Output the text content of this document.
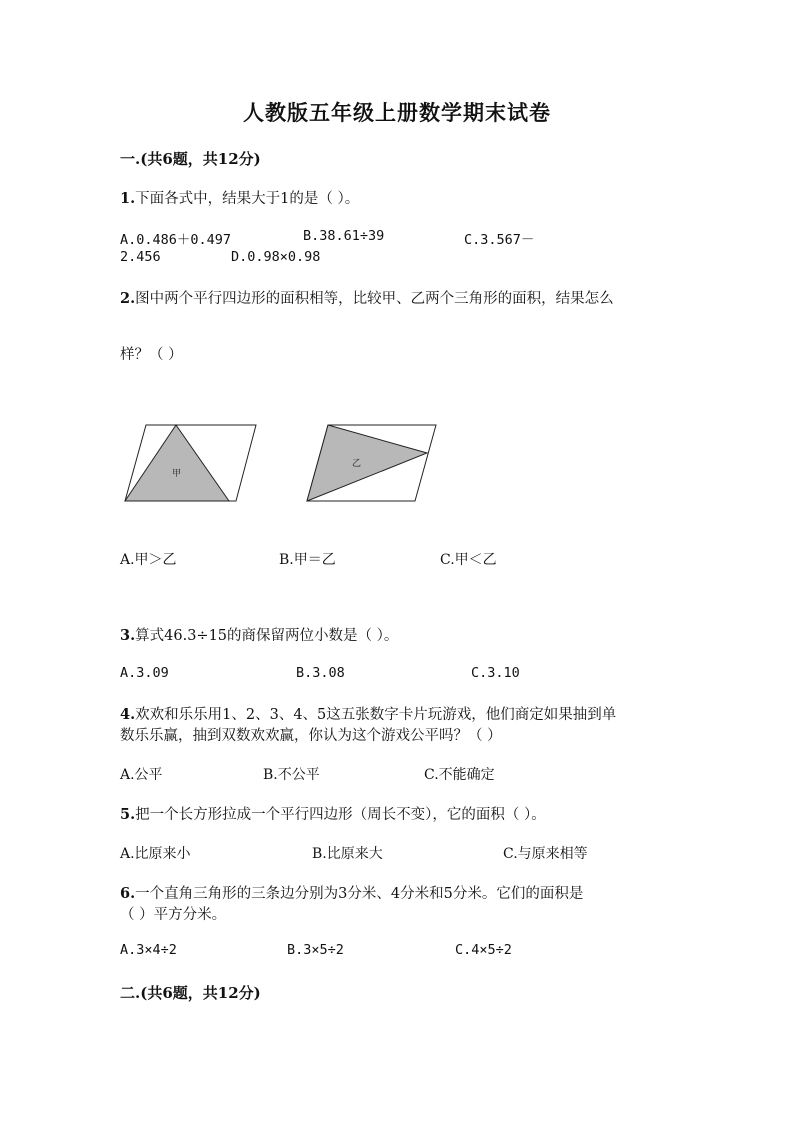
人教版五年级上册数学期末试卷
一.(共6题，共12分)
1.下面各式中，结果大于1的是（ ）。
A.0.486＋0.497	B.38.61÷39	C.3.567－
2.456	D.0.98×0.98
2.图中两个平行四边形的面积相等，比较甲、乙两个三角形的面积，结果怎么
样？（ ）
甲
乙
A.甲＞乙	B.甲＝乙	C.甲＜乙
3.算式46.3÷15的商保留两位小数是（ ）。
A.3.09	B.3.08	C.3.10
4.欢欢和乐乐用1、2、3、4、5这五张数字卡片玩游戏，他们商定如果抽到单
数乐乐赢，抽到双数欢欢赢，你认为这个游戏公平吗？（ ）
A.公平	B.不公平	C.不能确定
5.把一个长方形拉成一个平行四边形（周长不变），它的面积（ ）。
A.比原来小	B.比原来大	C.与原来相等
6.一个直角三角形的三条边分别为3分米、4分米和5分米。它们的面积是
（ ）平方分米。
A.3×4÷2	B.3×5÷2	C.4×5÷2
二.(共6题，共12分)
